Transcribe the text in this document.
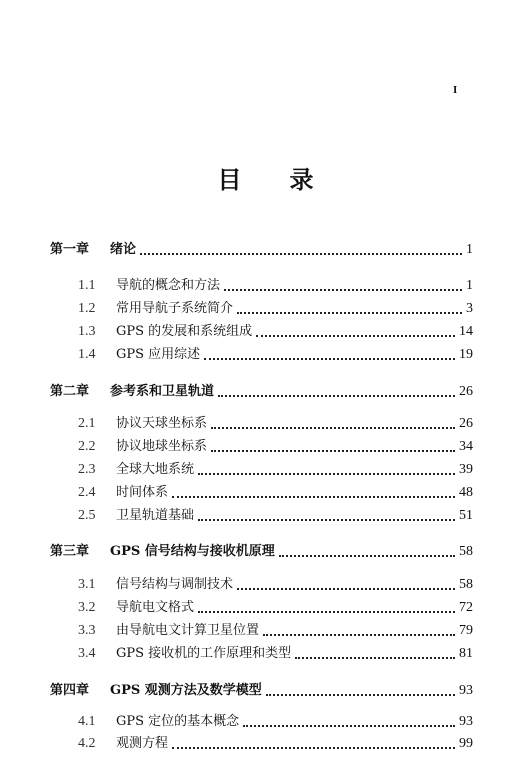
I
目 录
第一章 绪论	1
1.1 导航的概念和方法	1
1.2 常用导航子系统简介	3
1.3 GPS 的发展和系统组成	14
1.4 GPS 应用综述	19
第二章 参考系和卫星轨道	26
2.1 协议天球坐标系	26
2.2 协议地球坐标系	34
2.3 全球大地系统	39
2.4 时间体系	48
2.5 卫星轨道基础	51
第三章 GPS 信号结构与接收机原理	58
3.1 信号结构与调制技术	58
3.2 导航电文格式	72
3.3 由导航电文计算卫星位置	79
3.4 GPS 接收机的工作原理和类型	81
第四章 GPS 观测方法及数学模型	93
4.1 GPS 定位的基本概念	93
4.2 观测方程	99
